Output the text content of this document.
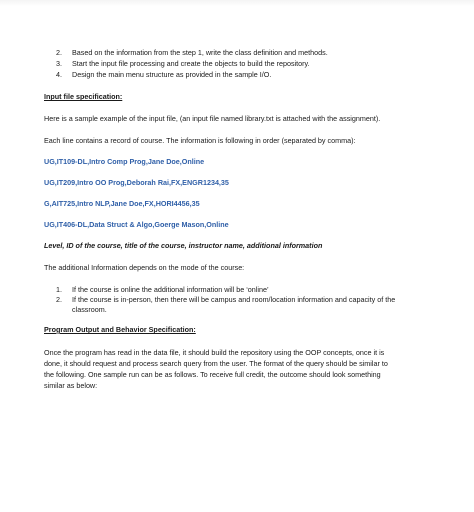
2. Based on the information from the step 1, write the class definition and methods.
3. Start the input file processing and create the objects to build the repository.
4. Design the main menu structure as provided in the sample I/O.
Input file specification:
Here is a sample example of the input file, (an input file named library.txt is attached with the assignment).
Each line contains a record of course. The information is following in order (separated by comma):
UG,IT109-DL,Intro Comp Prog,Jane Doe,Online
UG,IT209,Intro OO Prog,Deborah Rai,FX,ENGR1234,35
G,AIT725,Intro NLP,Jane Doe,FX,HORI4456,35
UG,IT406-DL,Data Struct & Algo,Goerge Mason,Online
Level, ID of the course, title of the course, instructor name, additional information
The additional Information depends on the mode of the course:
1. If the course is online the additional information will be ‘online’
2. If the course is in-person, then there will be campus and room/location information and capacity of the
classroom.
Program Output and Behavior Specification:
Once the program has read in the data file, it should build the repository using the OOP concepts, once it is
done, it should request and process search query from the user. The format of the query should be similar to
the following. One sample run can be as follows. To receive full credit, the outcome should look something
similar as below:
